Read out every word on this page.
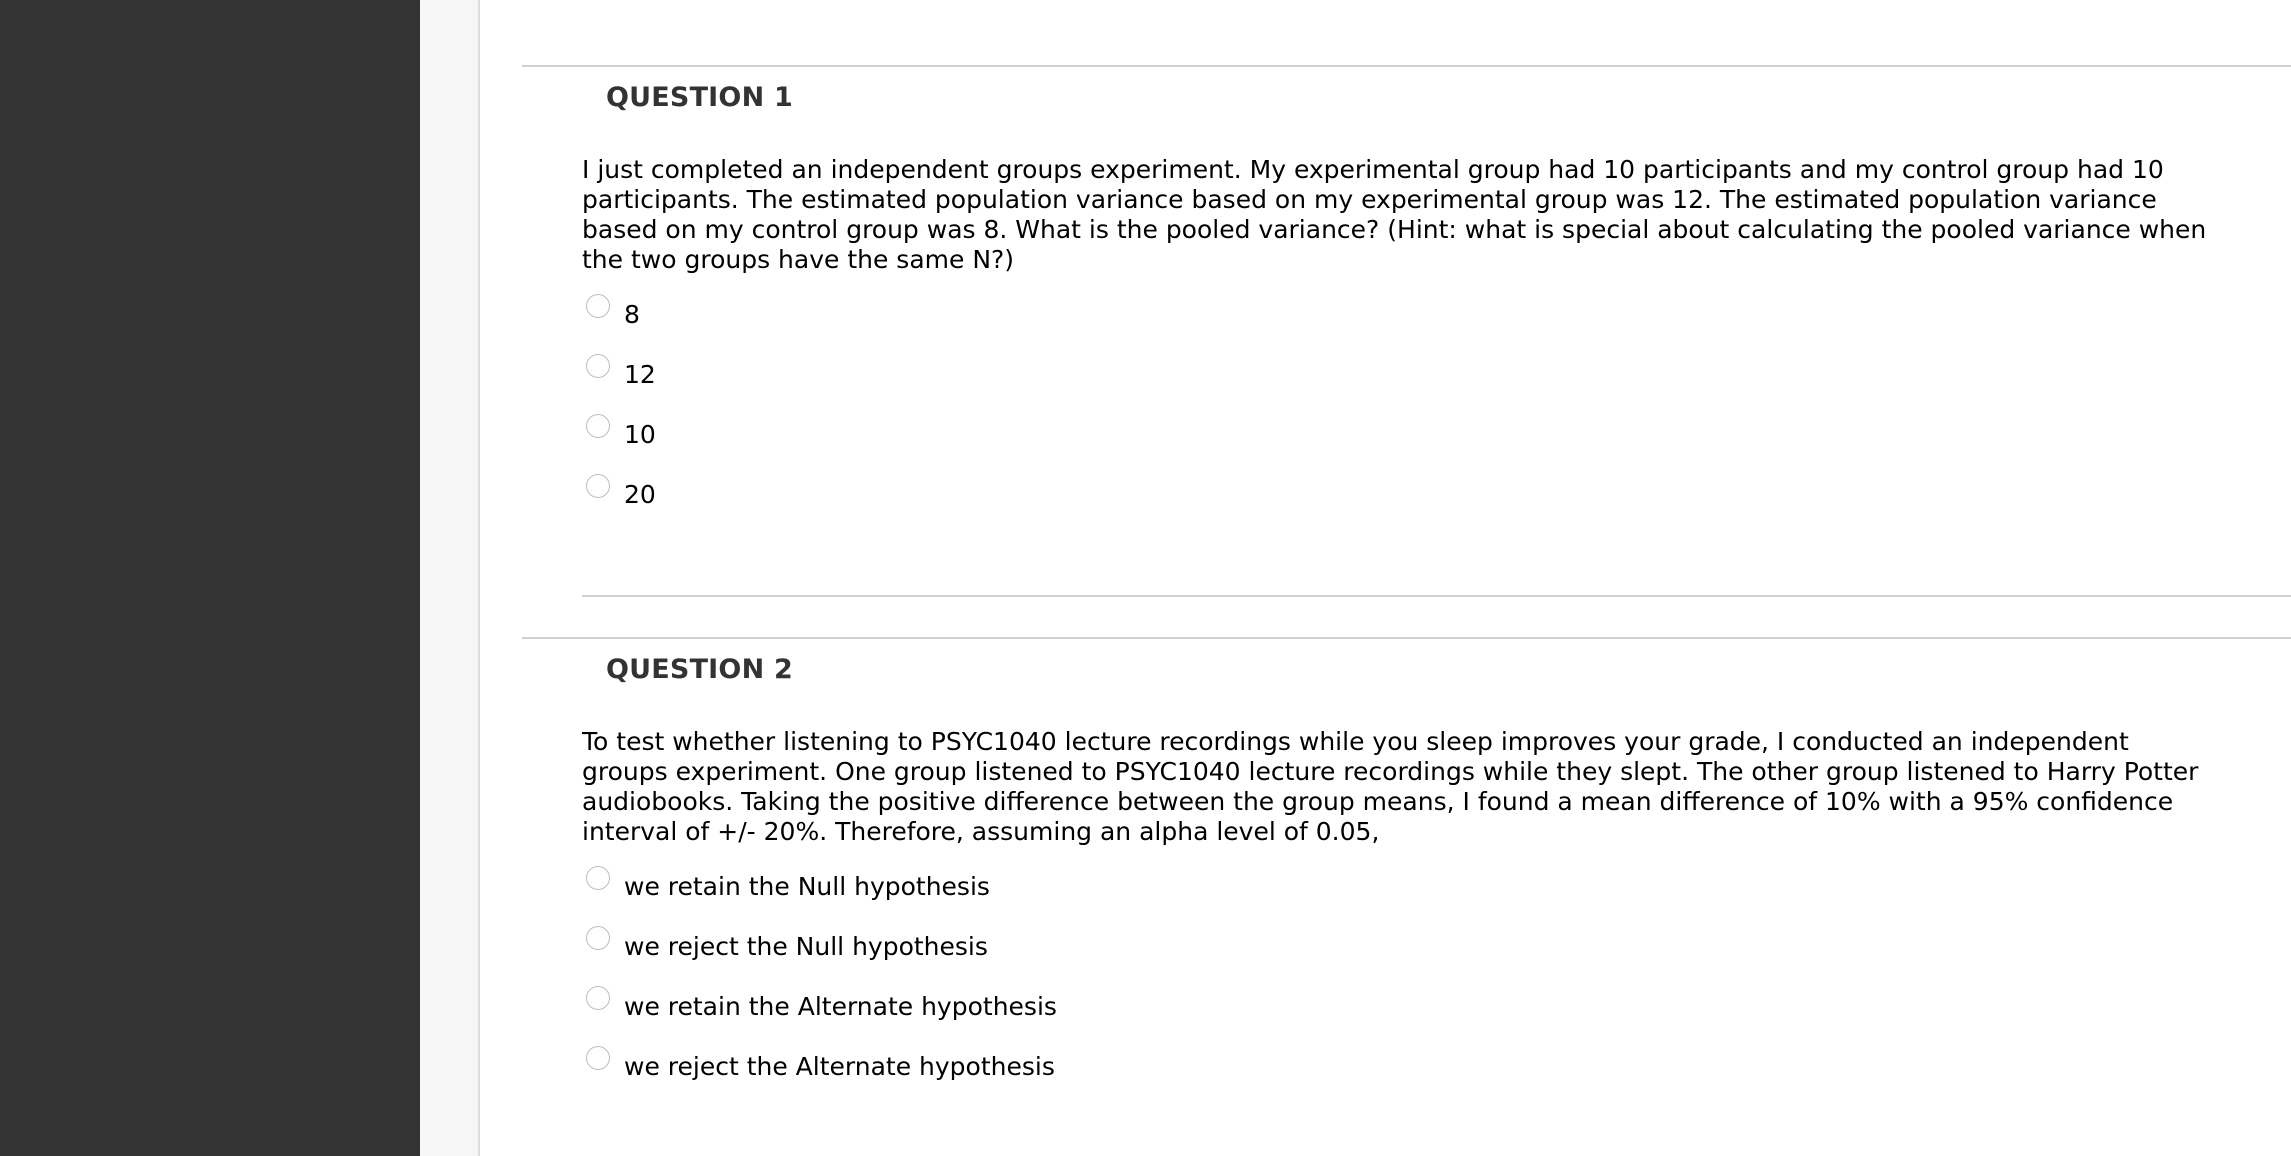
QUESTION 1
I just completed an independent groups experiment. My experimental group had 10 participants and my control group had 10 participants. The estimated population variance based on my experimental group was 12. The estimated population variance based on my control group was 8. What is the pooled variance? (Hint: what is special about calculating the pooled variance when the two groups have the same N?)
8
12
10
20
QUESTION 2
To test whether listening to PSYC1040 lecture recordings while you sleep improves your grade, I conducted an independent groups experiment. One group listened to PSYC1040 lecture recordings while they slept. The other group listened to Harry Potter audiobooks. Taking the positive difference between the group means, I found a mean difference of 10% with a 95% confidence interval of +/- 20%. Therefore, assuming an alpha level of 0.05,
we retain the Null hypothesis
we reject the Null hypothesis
we retain the Alternate hypothesis
we reject the Alternate hypothesis
